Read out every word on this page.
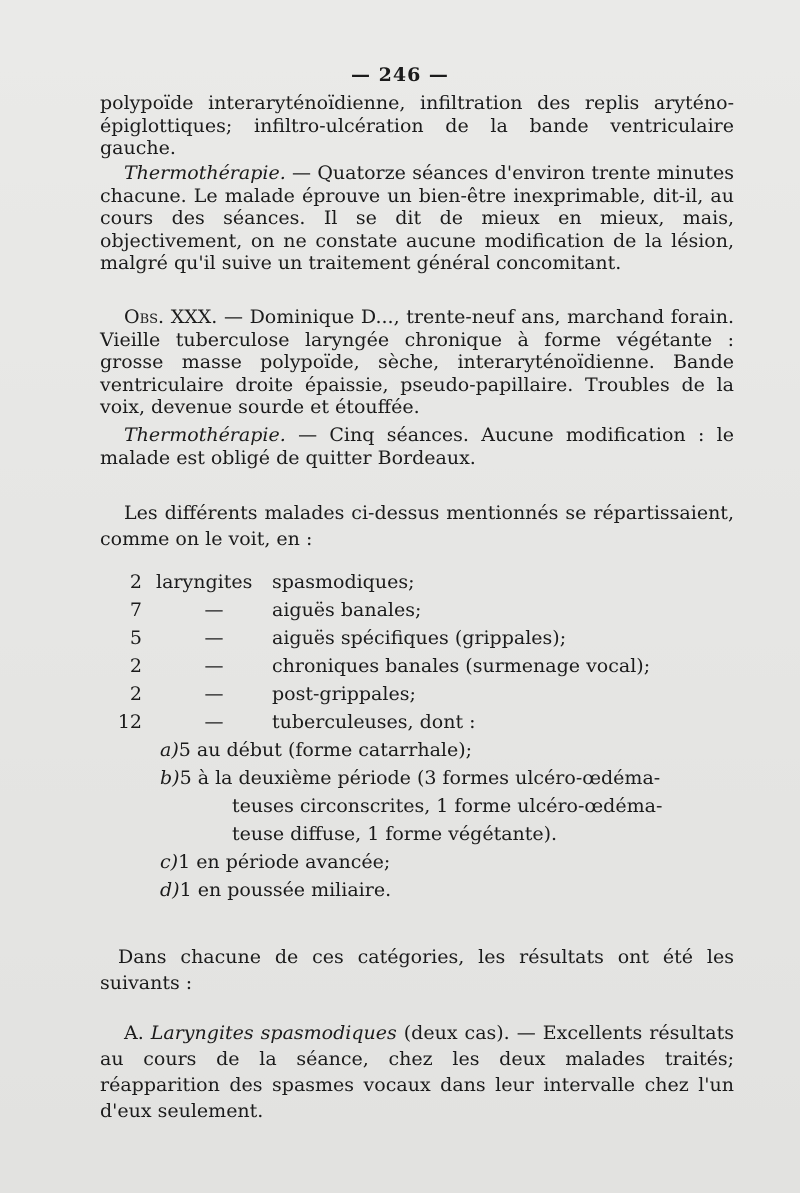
— 246 —

polypoïde interaryténoïdienne, infiltration des replis aryténo-épiglottiques; infiltro-ulcération de la bande ventriculaire gauche.

Thermothérapie. — Quatorze séances d'environ trente minutes chacune. Le malade éprouve un bien-être inexprimable, dit-il, au cours des séances. Il se dit de mieux en mieux, mais, objectivement, on ne constate aucune modification de la lésion, malgré qu'il suive un traitement général concomitant.

Obs. XXX. — Dominique D..., trente-neuf ans, marchand forain. Vieille tuberculose laryngée chronique à forme végétante : grosse masse polypoïde, sèche, interaryténoïdienne. Bande ventriculaire droite épaissie, pseudo-papillaire. Troubles de la voix, devenue sourde et étouffée.

Thermothérapie. — Cinq séances. Aucune modification : le malade est obligé de quitter Bordeaux.

Les différents malades ci-dessus mentionnés se répartissaient, comme on le voit, en :

2 laryngites	spasmodiques;
7	—	aiguës banales;
5	—	aiguës spécifiques (grippales);
2	—	chroniques banales (surmenage vocal);
2	—	post-grippales;
12	—	tuberculeuses, dont :
a) 5 au début (forme catarrhale);
b) 5 à la deuxième période (3 formes ulcéro-œdéma-
teuses circonscrites, 1 forme ulcéro-œdéma-
teuse diffuse, 1 forme végétante).
c) 1 en période avancée;
d) 1 en poussée miliaire.

Dans chacune de ces catégories, les résultats ont été les suivants :

A. Laryngites spasmodiques (deux cas). — Excellents résultats au cours de la séance, chez les deux malades traités; réapparition des spasmes vocaux dans leur intervalle chez l'un d'eux seulement.
